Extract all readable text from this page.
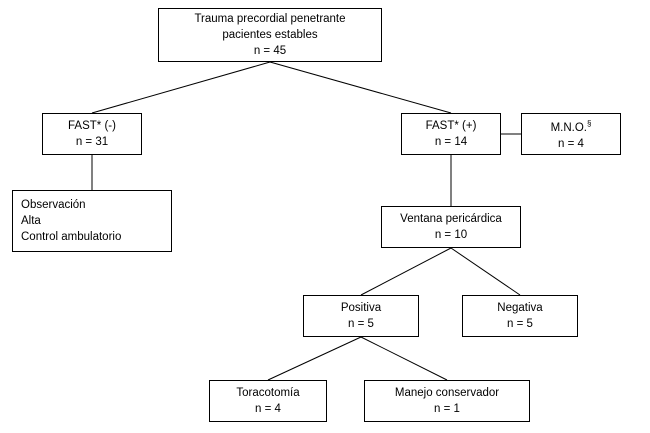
Trauma precordial penetrante
pacientes estables
n = 45
FAST* (-)
n = 31
FAST* (+)
n = 14
M.N.O.§
n = 4
Observación
Alta
Control ambulatorio
Ventana pericárdica
n = 10
Positiva
n = 5
Negativa
n = 5
Toracotomía
n = 4
Manejo conservador
n = 1
